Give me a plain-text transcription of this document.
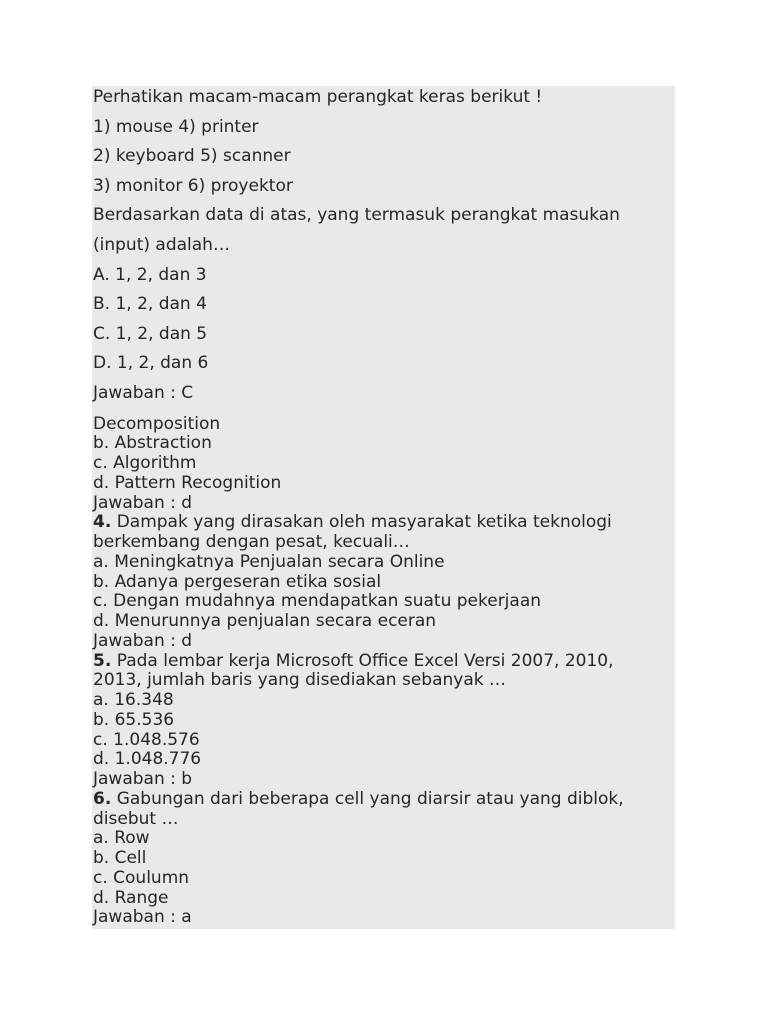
Perhatikan macam-macam perangkat keras berikut !
1) mouse 4) printer
2) keyboard 5) scanner
3) monitor 6) proyektor
Berdasarkan data di atas, yang termasuk perangkat masukan
(input) adalah…
A. 1, 2, dan 3
B. 1, 2, dan 4
C. 1, 2, dan 5
D. 1, 2, dan 6
Jawaban : C
Decomposition
b. Abstraction
c. Algorithm
d. Pattern Recognition
Jawaban : d
4. Dampak yang dirasakan oleh masyarakat ketika teknologi
berkembang dengan pesat, kecuali…
a. Meningkatnya Penjualan secara Online
b. Adanya pergeseran etika sosial
c. Dengan mudahnya mendapatkan suatu pekerjaan
d. Menurunnya penjualan secara eceran
Jawaban : d
5. Pada lembar kerja Microsoft Office Excel Versi 2007, 2010,
2013, jumlah baris yang disediakan sebanyak …
a. 16.348
b. 65.536
c. 1.048.576
d. 1.048.776
Jawaban : b
6. Gabungan dari beberapa cell yang diarsir atau yang diblok,
disebut …
a. Row
b. Cell
c. Coulumn
d. Range
Jawaban : a
